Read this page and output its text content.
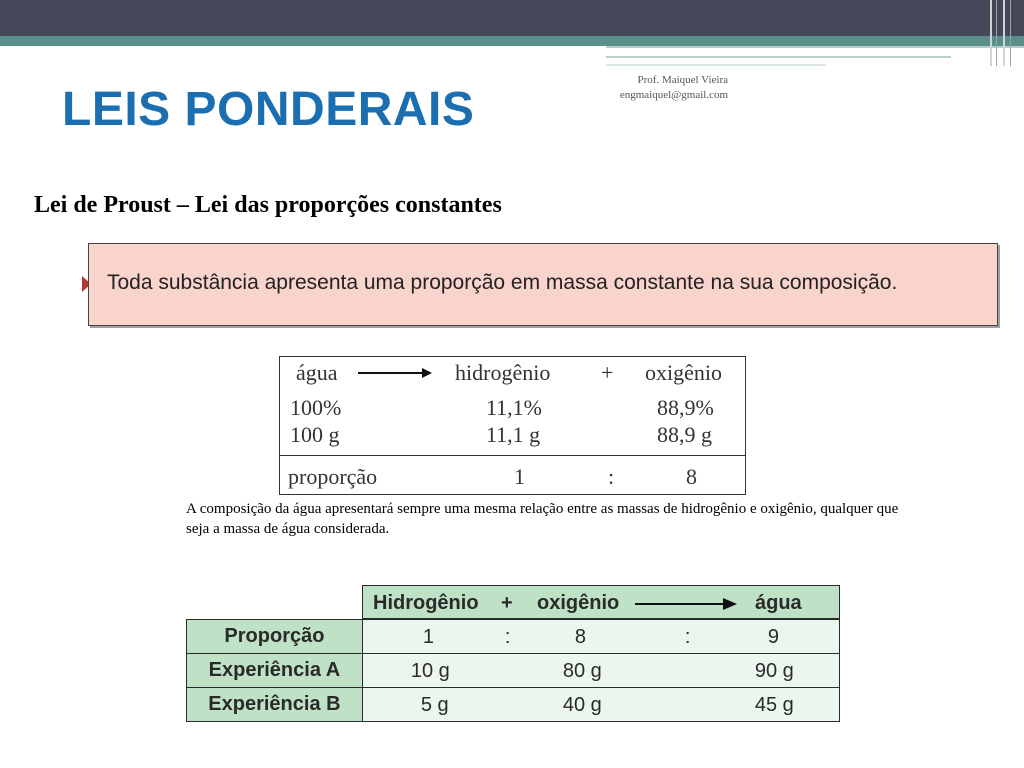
LEIS PONDERAIS
Prof. Maiquel Vieira
engmaiquel@gmail.com
Lei de Proust – Lei das proporções constantes
Toda substância apresenta uma proporção em massa constante na sua composição.
água	hidrogênio + oxigênio
100%	11,1%	88,9%
100 g	11,1 g	88,9 g
proporção	1	:	8

A composição da água apresentará sempre uma mesma relação entre as massas de hidrogênio e oxigênio, qualquer que seja a massa de água considerada.

Hidrogênio + oxigênio	água
Proporção	1 : 8 : 9

Experiência A	10 g 80 g 90 g

Experiência B	5 g 40 g 45 g
